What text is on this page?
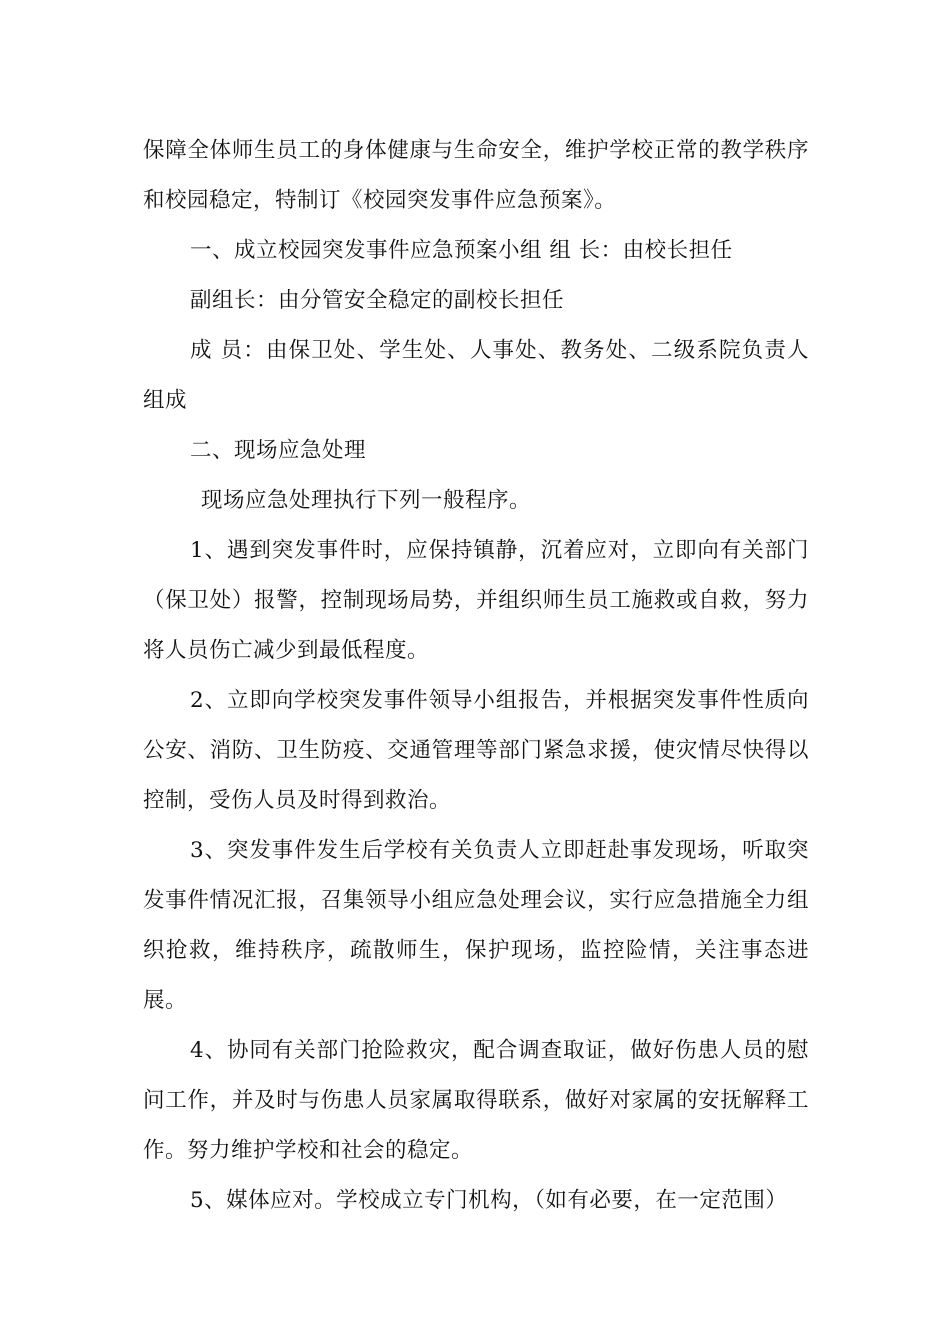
保障全体师生员工的身体健康与生命安全，维护学校正常的教学秩序和校园稳定，特制订《校园突发事件应急预案》。

一、成立校园突发事件应急预案小组 组 长：由校长担任

副组长：由分管安全稳定的副校长担任

成 员：由保卫处、学生处、人事处、教务处、二级系院负责人组成

二、现场应急处理

现场应急处理执行下列一般程序。

1、遇到突发事件时，应保持镇静，沉着应对，立即向有关部门（保卫处）报警，控制现场局势，并组织师生员工施救或自救，努力将人员伤亡减少到最低程度。

2、立即向学校突发事件领导小组报告，并根据突发事件性质向公安、消防、卫生防疫、交通管理等部门紧急求援，使灾情尽快得以控制，受伤人员及时得到救治。

3、突发事件发生后学校有关负责人立即赶赴事发现场，听取突发事件情况汇报，召集领导小组应急处理会议，实行应急措施全力组织抢救，维持秩序，疏散师生，保护现场，监控险情，关注事态进展。

4、协同有关部门抢险救灾，配合调查取证，做好伤患人员的慰问工作，并及时与伤患人员家属取得联系，做好对家属的安抚解释工作。努力维护学校和社会的稳定。

5、媒体应对。学校成立专门机构，（如有必要，在一定范围）
